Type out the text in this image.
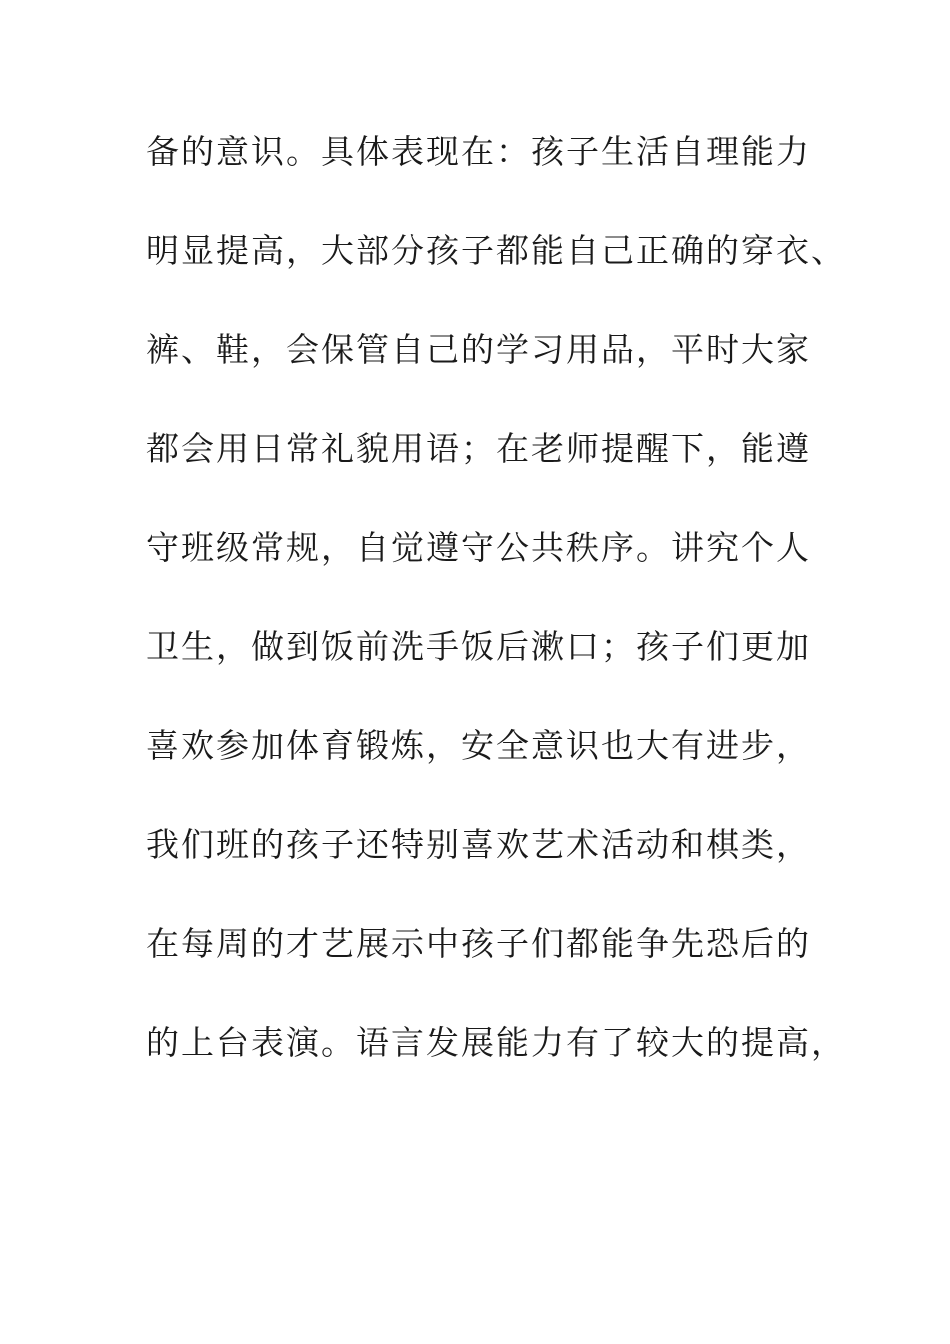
备的意识。具体表现在：孩子生活自理能力
明显提高，大部分孩子都能自己正确的穿衣、
裤、鞋，会保管自己的学习用品，平时大家
都会用日常礼貌用语；在老师提醒下，能遵
守班级常规，自觉遵守公共秩序。讲究个人
卫生，做到饭前洗手饭后漱口；孩子们更加
喜欢参加体育锻炼，安全意识也大有进步，
我们班的孩子还特别喜欢艺术活动和棋类，
在每周的才艺展示中孩子们都能争先恐后的
的上台表演。语言发展能力有了较大的提高，
